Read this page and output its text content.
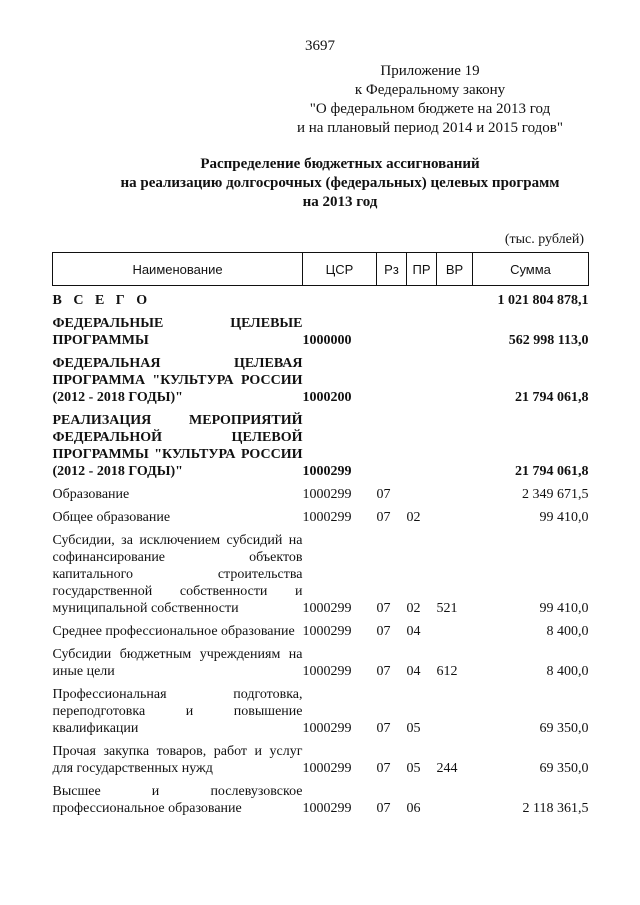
3697
Приложение 19
к Федеральному закону
"О федеральном бюджете на 2013 год
и на плановый период 2014 и 2015 годов"
Распределение бюджетных ассигнований
на реализацию долгосрочных (федеральных) целевых программ
на 2013 год
(тыс. рублей)
Наименование	ЦСР	Рз	ПР	ВР	Сумма

В С Е Г О					1 021 804 878,1

ФЕДЕРАЛЬНЫЕ ЦЕЛЕВЫЕ ПРОГРАММЫ	1000000				562 998 113,0

ФЕДЕРАЛЬНАЯ ЦЕЛЕВАЯ ПРОГРАММА "КУЛЬТУРА РОССИИ (2012 - 2018 ГОДЫ)"	1000200				21 794 061,8

РЕАЛИЗАЦИЯ МЕРОПРИЯТИЙ ФЕДЕРАЛЬНОЙ ЦЕЛЕВОЙ ПРОГРАММЫ "КУЛЬТУРА РОССИИ (2012 - 2018 ГОДЫ)"	1000299				21 794 061,8

Образование	1000299	07			2 349 671,5

Общее образование	1000299	07	02		99 410,0

Субсидии, за исключением субсидий на софинансирование объектов капитального строительства государственной собственности и муниципальной собственности	1000299	07	02	521	99 410,0

Среднее профессиональное образование	1000299	07	04		8 400,0

Субсидии бюджетным учреждениям на иные цели	1000299	07	04	612	8 400,0

Профессиональная подготовка, переподготовка и повышение квалификации	1000299	07	05		69 350,0

Прочая закупка товаров, работ и услуг для государственных нужд	1000299	07	05	244	69 350,0

Высшее и послевузовское профессиональное образование	1000299	07	06		2 118 361,5
